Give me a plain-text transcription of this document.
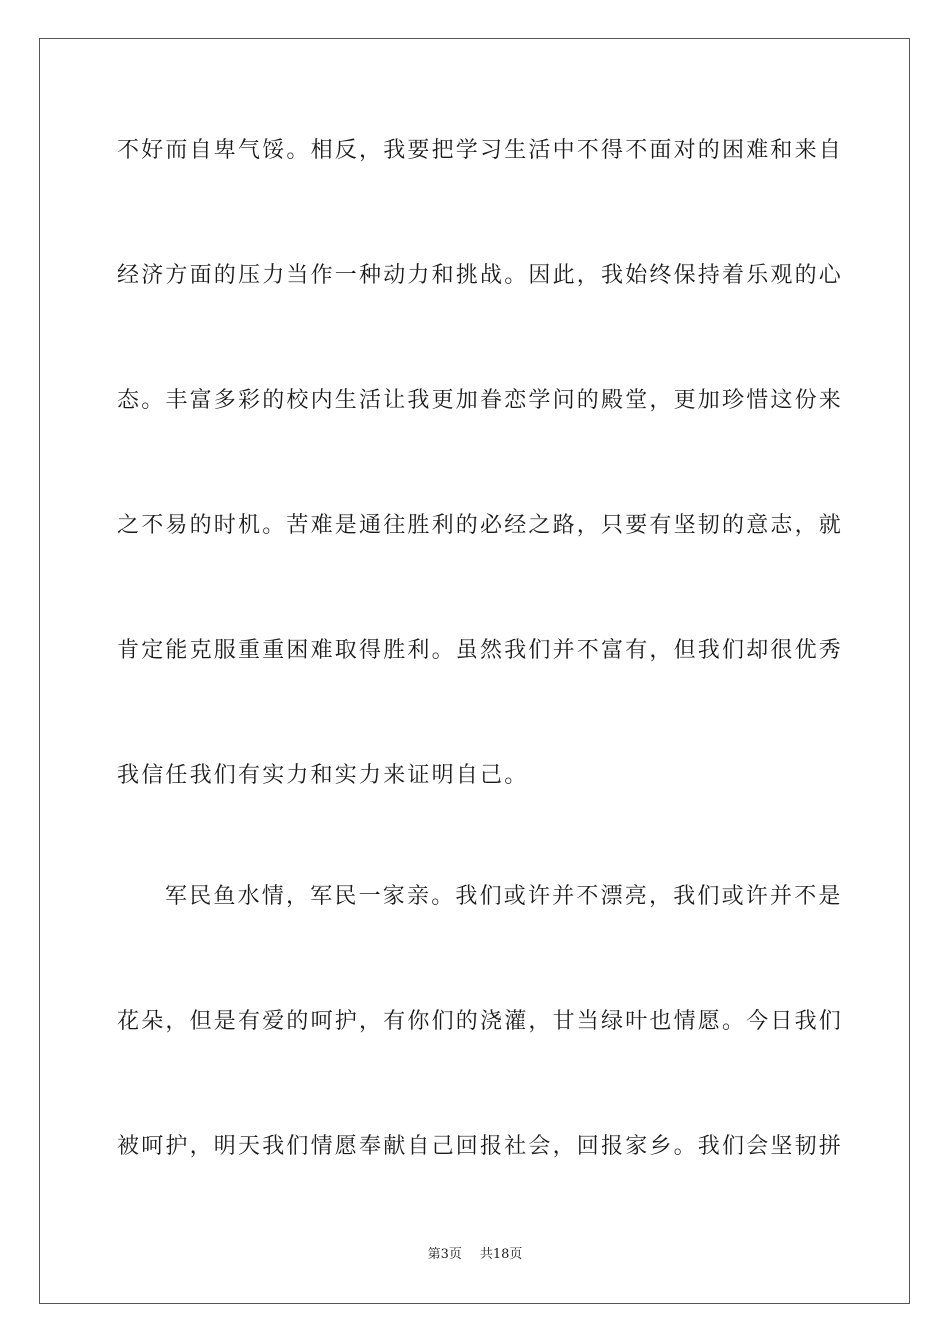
不好而自卑气馁。相反，我要把学习生活中不得不面对的困难和来自

经济方面的压力当作一种动力和挑战。因此，我始终保持着乐观的心

态。丰富多彩的校内生活让我更加眷恋学问的殿堂，更加珍惜这份来

之不易的时机。苦难是通往胜利的必经之路，只要有坚韧的意志，就

肯定能克服重重困难取得胜利。虽然我们并不富有，但我们却很优秀

我信任我们有实力和实力来证明自己。

军民鱼水情，军民一家亲。我们或许并不漂亮，我们或许并不是

花朵，但是有爱的呵护，有你们的浇灌，甘当绿叶也情愿。今日我们

被呵护，明天我们情愿奉献自己回报社会，回报家乡。我们会坚韧拼

第3页 共18页
